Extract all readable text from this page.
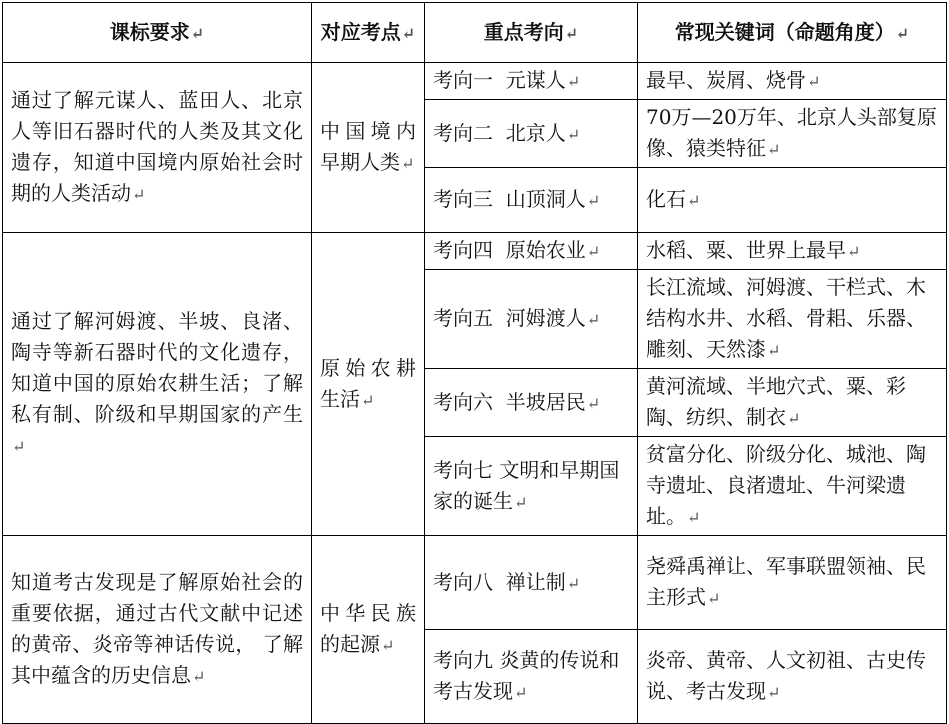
课标要求↵	对应考点↵	重点考向↵	常现关键词（命题角度）↵
通过了解元谋人、蓝田人、北京人等旧石器时代的人类及其文化遗存，知道中国境内原始社会时期的人类活动↵	中国境内早期人类↵	考向一  元谋人↵	最早、炭屑、烧骨↵
		考向二  北京人↵	70万—20万年、北京人头部复原像、猿类特征↵
		考向三  山顶洞人↵	化石↵
通过了解河姆渡、半坡、良渚、陶寺等新石器时代的文化遗存，知道中国的原始农耕生活；了解私有制、阶级和早期国家的产生↵	原始农耕生活↵	考向四  原始农业↵	水稻、粟、世界上最早↵
		考向五  河姆渡人↵	长江流域、河姆渡、干栏式、木结构水井、水稻、骨耜、乐器、雕刻、天然漆↵
		考向六  半坡居民↵	黄河流域、半地穴式、粟、彩陶、纺织、制衣↵
		考向七 文明和早期国家的诞生↵	贫富分化、阶级分化、城池、陶寺遗址、良渚遗址、牛河梁遗址。↵
知道考古发现是了解原始社会的重要依据，通过古代文献中记述的黄帝、炎帝等神话传说， 了解其中蕴含的历史信息↵	中华民族的起源↵	考向八  禅让制↵	尧舜禹禅让、军事联盟领袖、民主形式↵
		考向九 炎黄的传说和考古发现↵	炎帝、黄帝、人文初祖、古史传说、考古发现↵
